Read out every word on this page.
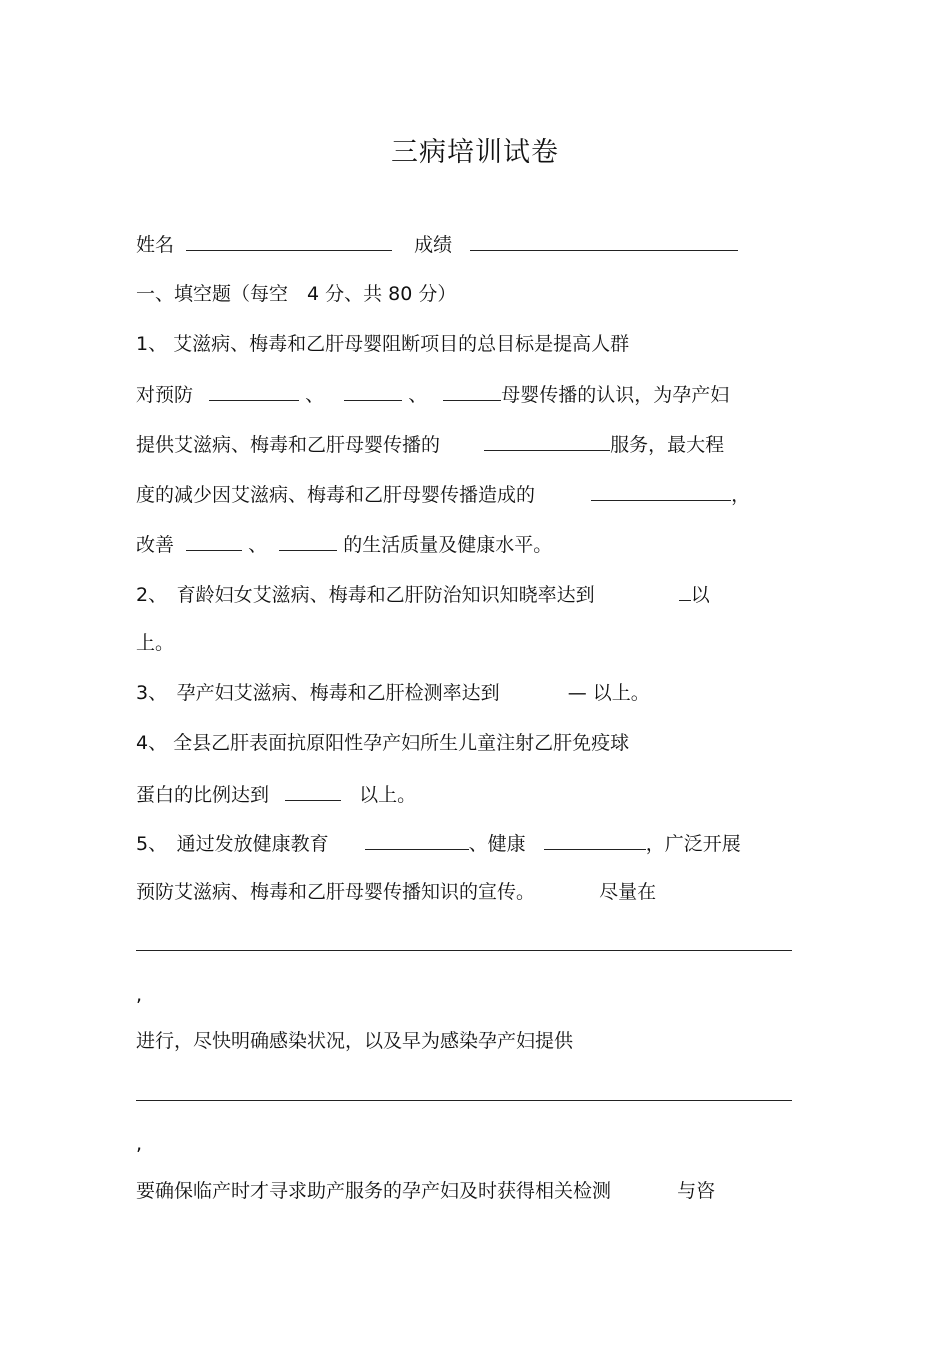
三病培训试卷
姓名	成绩
一、填空题（每空　4 分、共 80 分）
1、 艾滋病、梅毒和乙肝母婴阻断项目的总目标是提高人群
对预防	、	、	母婴传播的认识，为孕产妇
提供艾滋病、梅毒和乙肝母婴传播的	服务，最大程
度的减少因艾滋病、梅毒和乙肝母婴传播造成的	，
改善	、	的生活质量及健康水平。
2、　育龄妇女艾滋病、梅毒和乙肝防治知识知晓率达到	以
上。
3、　孕产妇艾滋病、梅毒和乙肝检测率达到	— 以上。
4、 全县乙肝表面抗原阳性孕产妇所生儿童注射乙肝免疫球
蛋白的比例达到	以上。
5、　通过发放健康教育	、健康	，广泛开展
预防艾滋病、梅毒和乙肝母婴传播知识的宣传。	尽量在
,
进行，尽快明确感染状况，以及早为感染孕产妇提供
,
要确保临产时才寻求助产服务的孕产妇及时获得相关检测	与咨
